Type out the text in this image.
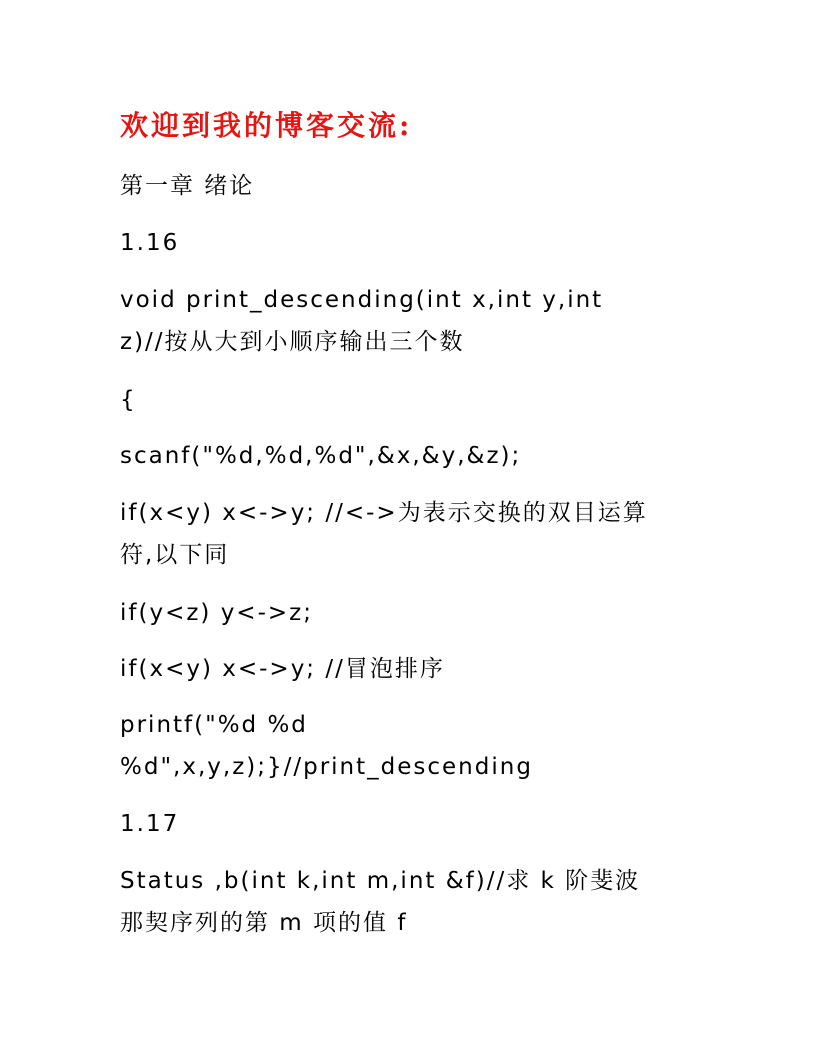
欢迎到我的博客交流:
第一章 绪论
1.16
void print_descending(int x,int y,int
z)//按从大到小顺序输出三个数
{
scanf("%d,%d,%d",&x,&y,&z);
if(x<y) x<->y; //<->为表示交换的双目运算
符,以下同
if(y<z) y<->z;
if(x<y) x<->y; //冒泡排序
printf("%d %d
%d",x,y,z);}//print_descending
1.17
Status ,b(int k,int m,int &f)//求 k 阶斐波
那契序列的第 m 项的值 f
